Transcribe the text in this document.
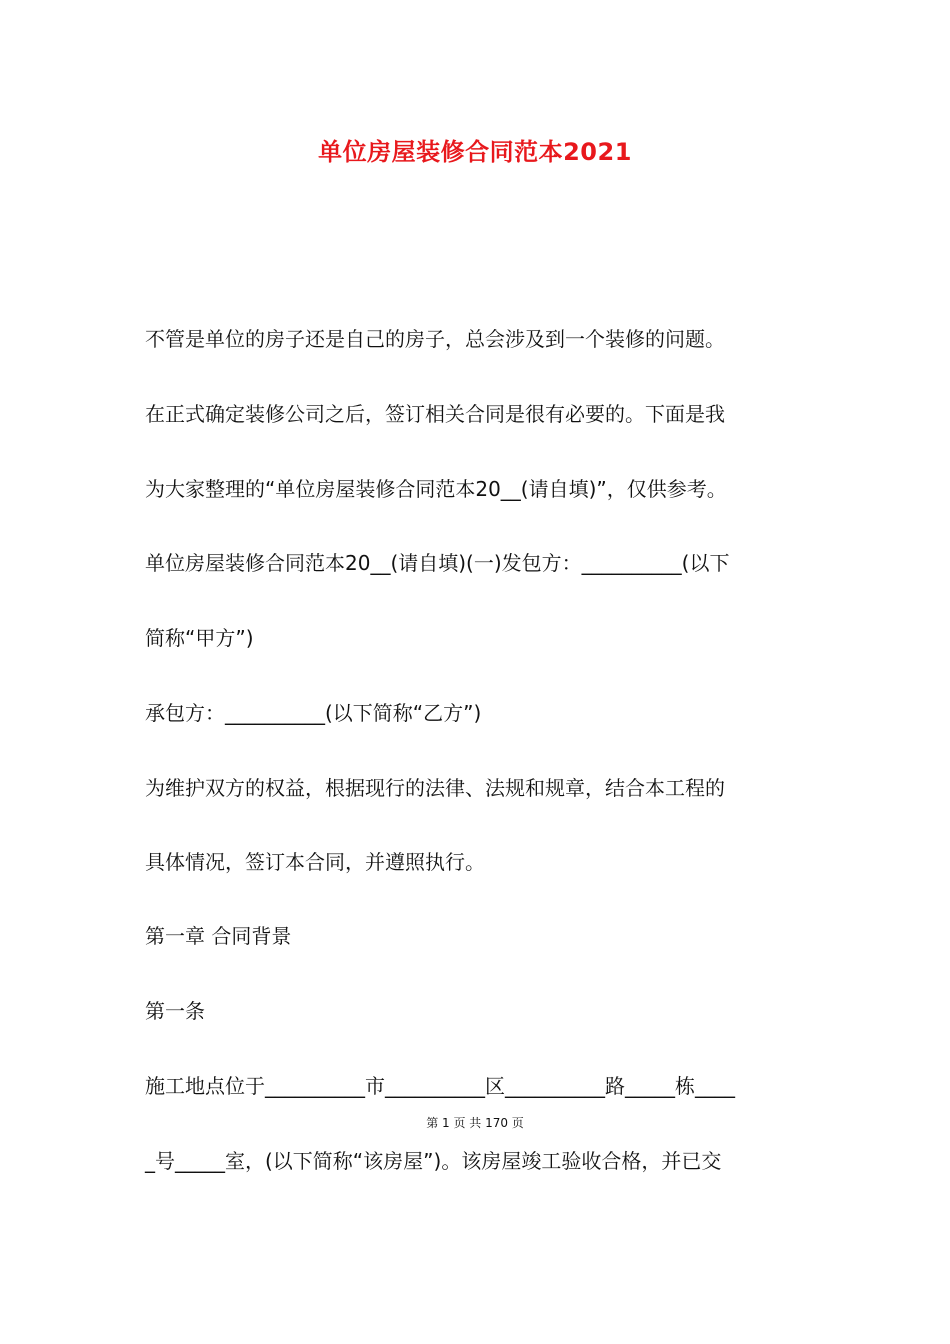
单位房屋装修合同范本2021
不管是单位的房子还是自己的房子，总会涉及到一个装修的问题。
在正式确定装修公司之后，签订相关合同是很有必要的。下面是我
为大家整理的“单位房屋装修合同范本20__(请自填)”，仅供参考。
单位房屋装修合同范本20__(请自填)(一)发包方：__________(以下
简称“甲方”)
承包方：__________(以下简称“乙方”)
为维护双方的权益，根据现行的法律、法规和规章，结合本工程的
具体情况，签订本合同，并遵照执行。
第一章 合同背景
第一条
施工地点位于__________市__________区__________路_____栋____
第 1 页 共 170 页
_号_____室，(以下简称“该房屋”)。该房屋竣工验收合格，并已交
